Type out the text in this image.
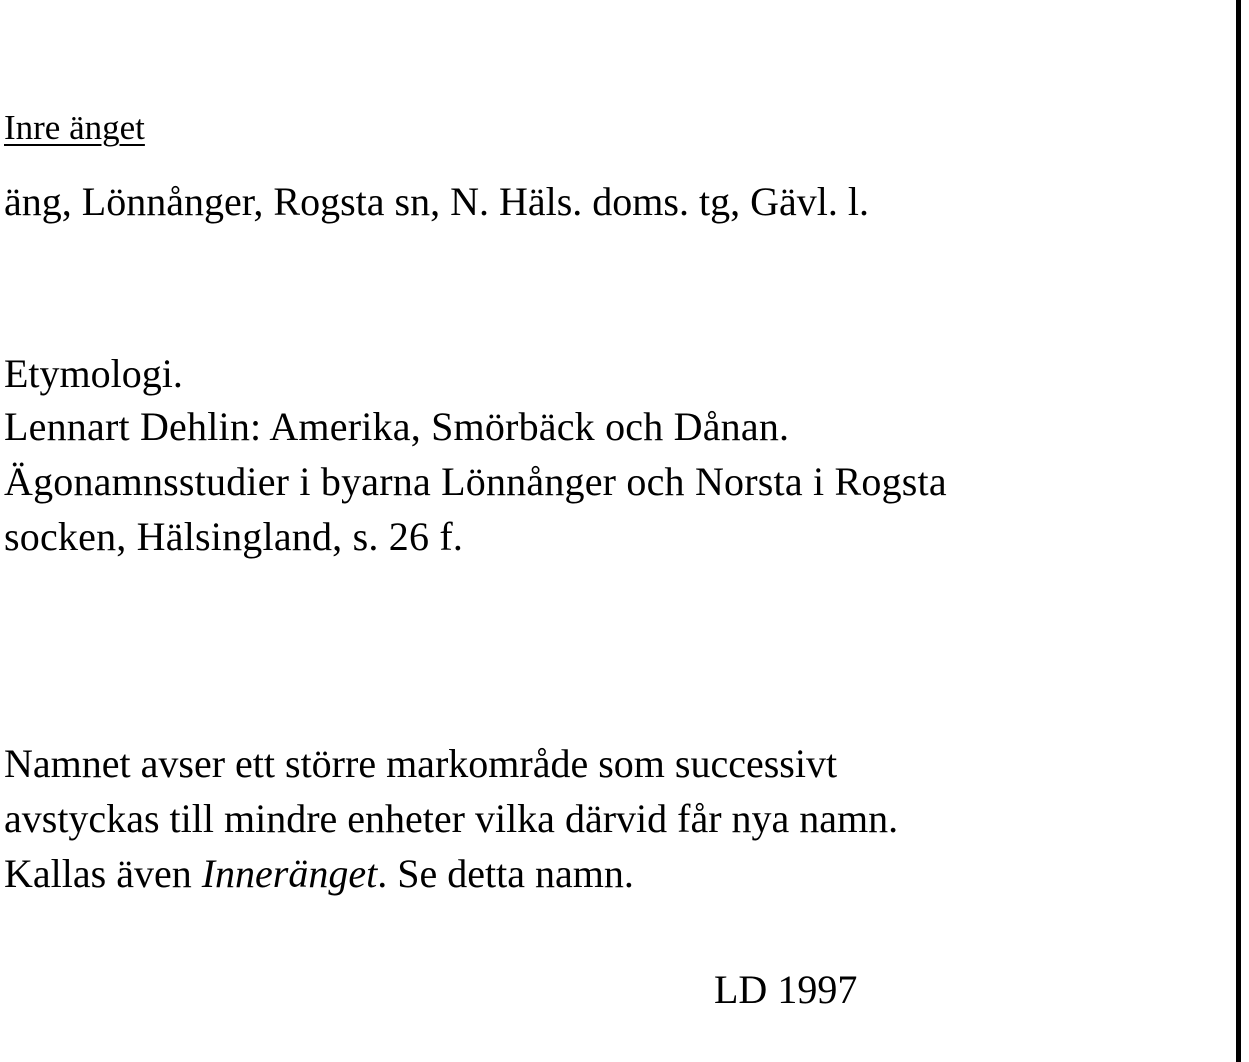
Inre änget
äng, Lönnånger, Rogsta sn, N. Häls. doms. tg, Gävl. l.
Etymologi.
Lennart Dehlin: Amerika, Smörbäck och Dånan.
Ägonamnsstudier i byarna Lönnånger och Norsta i Rogsta
socken, Hälsingland, s. 26 f.
Namnet avser ett större markområde som successivt
avstyckas till mindre enheter vilka därvid får nya namn.
Kallas även Inneränget. Se detta namn.
LD 1997
